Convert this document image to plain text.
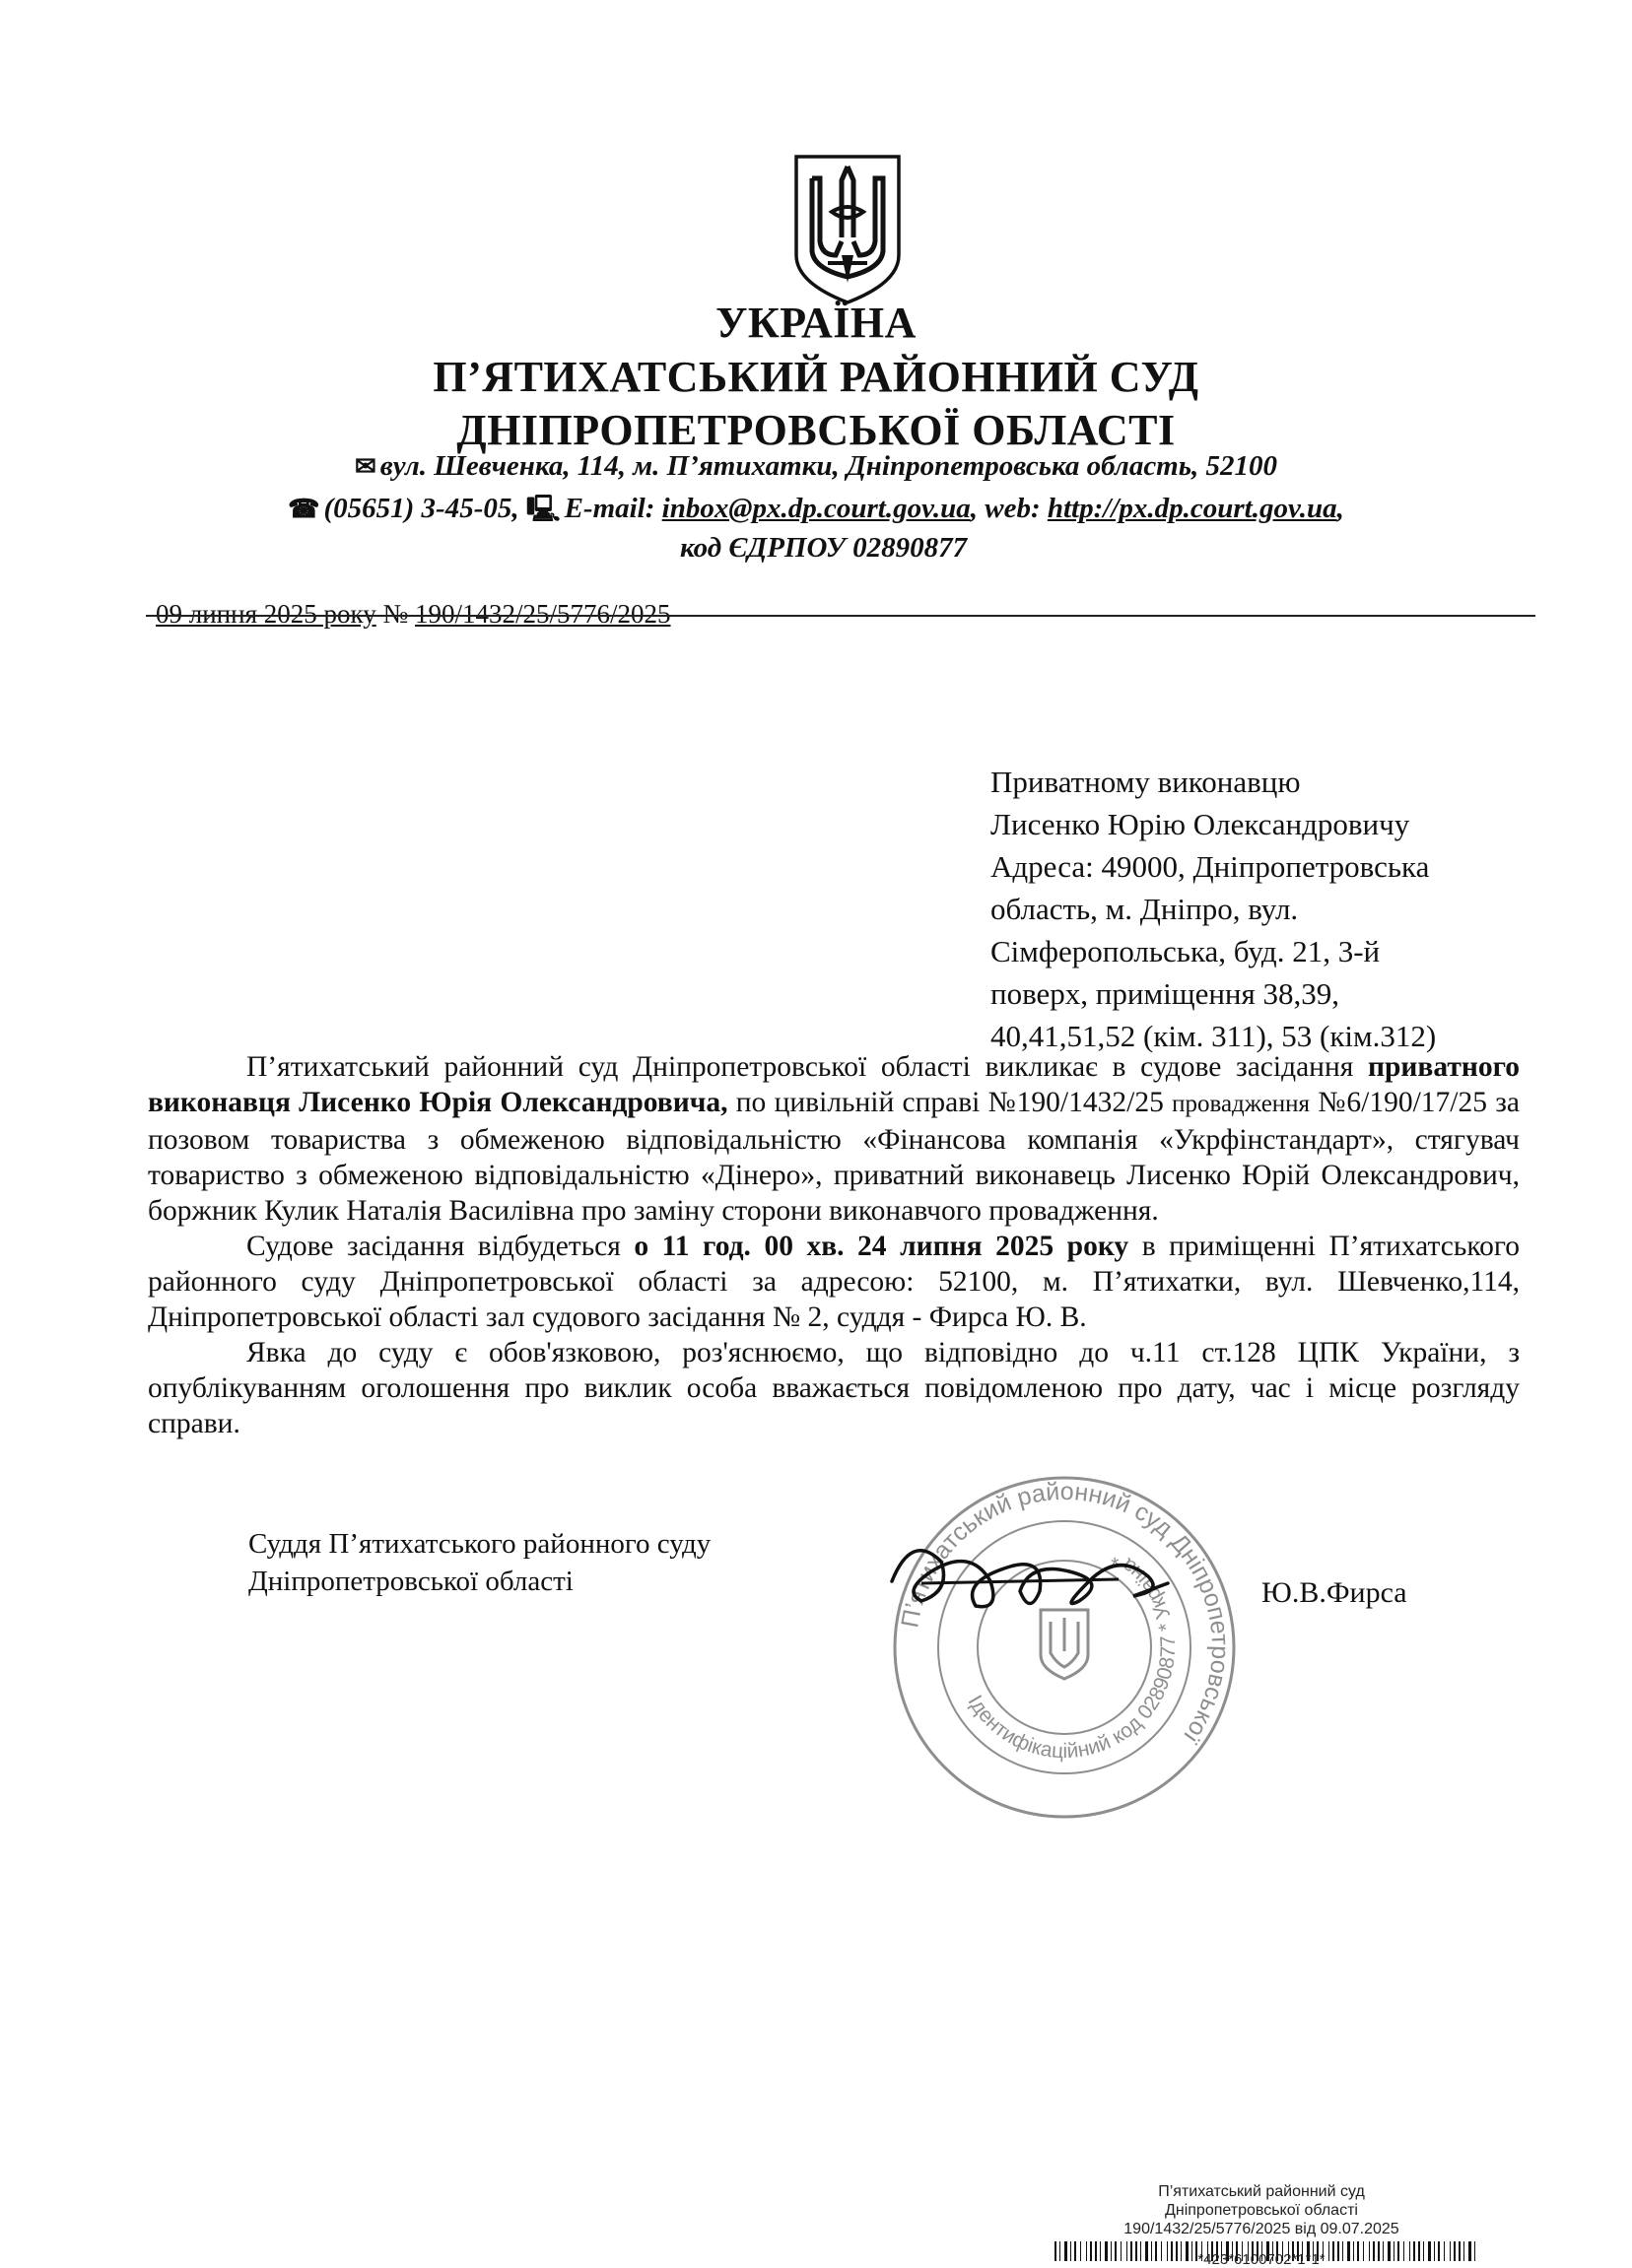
УКРАЇНА
П’ЯТИХАТСЬКИЙ РАЙОННИЙ СУД
ДНІПРОПЕТРОВСЬКОЇ ОБЛАСТІ
✉ вул. Шевченка, 114, м. П’ятихатки, Дніпропетровська область, 52100
☎ (05651) 3-45-05, 🖳 E-mail: inbox@px.dp.court.gov.ua, web: http://px.dp.court.gov.ua,
код ЄДРПОУ 02890877
09 липня 2025 року № 190/1432/25/5776/2025
Приватному виконавцю
Лисенко Юрію Олександровичу
Адреса: 49000, Дніпропетровська
область, м. Дніпро, вул.
Сімферопольська, буд. 21, 3-й
поверх, приміщення 38,39,
40,41,51,52 (кім. 311), 53 (кім.312)

П’ятихатський районний суд Дніпропетровської області викликає в судове засідання приватного виконавця Лисенко Юрія Олександровича, по цивільній справі №190/1432/25 провадження №6/190/17/25 за позовом товариства з обмеженою відповідальністю «Фінансова компанія «Укрфінстандарт», стягувач товариство з обмеженою відповідальністю «Дінеро», приватний виконавець Лисенко Юрій Олександрович, боржник Кулик Наталія Василівна про заміну сторони виконавчого провадження.

Судове засідання відбудеться о 11 год. 00 хв. 24 липня 2025 року в приміщенні П’ятихатського районного суду Дніпропетровської області за адресою: 52100, м. П’ятихатки, вул. Шевченко,114, Дніпропетровської області зал судового засідання № 2, суддя - Фирса Ю. В.

Явка до суду є обов'язковою, роз'яснюємо, що відповідно до ч.11 ст.128 ЦПК України, з опублікуванням оголошення про виклик особа вважається повідомленою про дату, час і місце розгляду справи.

Суддя П’ятихатського районного суду
Дніпропетровської області
П’ятихатський районний суд Дніпропетровської
Ідентифікаційний код 02890877 * Україна *
Ю.В.Фирса
П’ятихатський районний суд
Дніпропетровської області
190/1432/25/5776/2025 від 09.07.2025
*423*6100702*1*1*
